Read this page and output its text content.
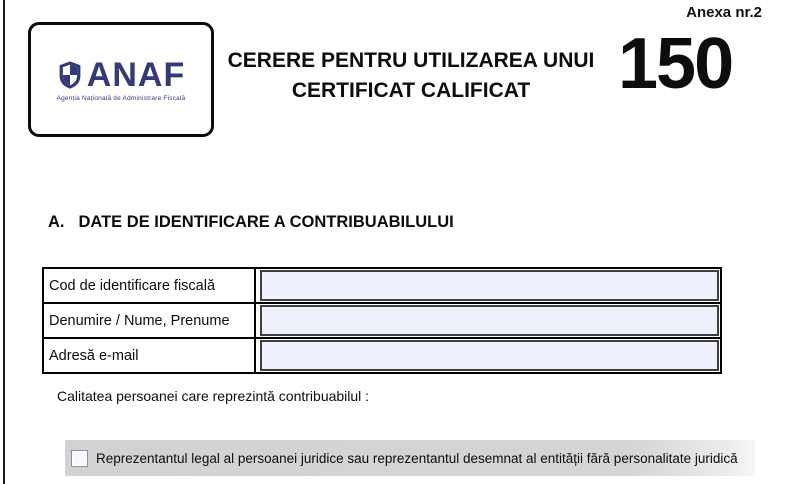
Anexa nr.2
ANAF
Agenția Națională de Administrare Fiscală
CERERE PENTRU UTILIZAREA UNUI
CERTIFICAT CALIFICAT	150
A. DATE DE IDENTIFICARE A CONTRIBUABILULUI
Cod de identificare fiscală
Denumire / Nume, Prenume
Adresă e-mail
Calitatea persoanei care reprezintă contribuabilul :
Reprezentantul legal al persoanei juridice sau reprezentantul desemnat al entității fără personalitate juridică
